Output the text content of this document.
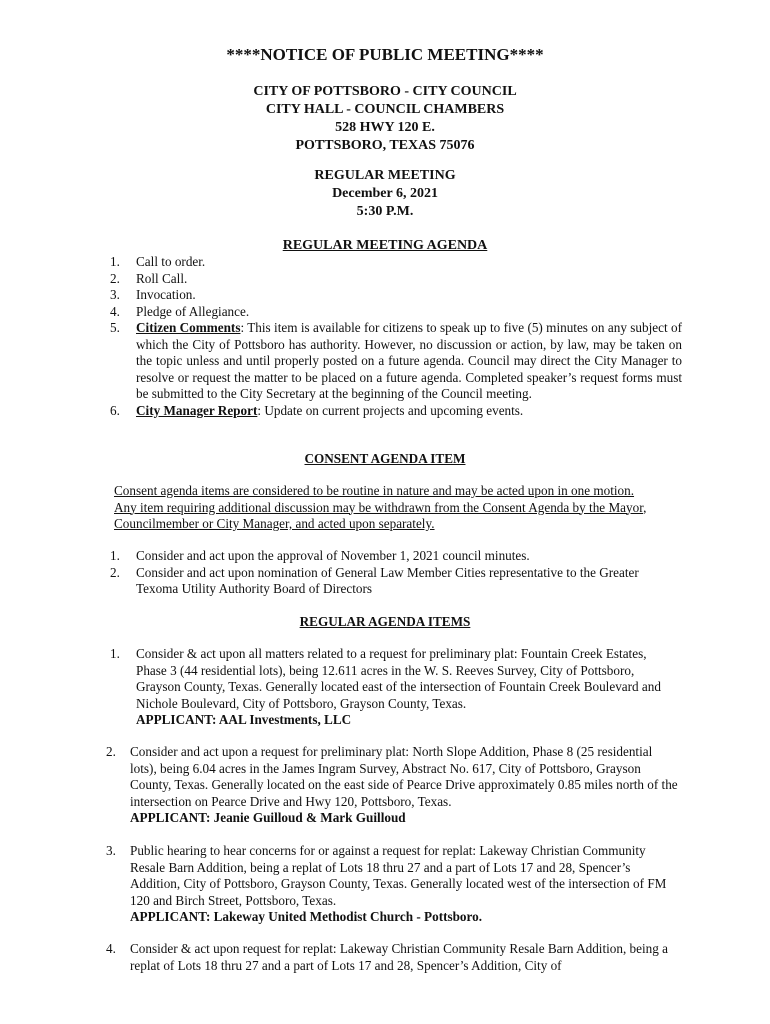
****NOTICE OF PUBLIC MEETING****
CITY OF POTTSBORO - CITY COUNCIL
CITY HALL - COUNCIL CHAMBERS
528 HWY 120 E.
POTTSBORO, TEXAS 75076
REGULAR MEETING
December 6, 2021
5:30 P.M.
REGULAR MEETING AGENDA
1.	Call to order.
2.	Roll Call.
3.	Invocation.
4.	Pledge of Allegiance.
5.	Citizen Comments: This item is available for citizens to speak up to five (5) minutes on any subject of which the City of Pottsboro has authority. However, no discussion or action, by law, may be taken on the topic unless and until properly posted on a future agenda. Council may direct the City Manager to resolve or request the matter to be placed on a future agenda. Completed speaker’s request forms must be submitted to the City Secretary at the beginning of the Council meeting.
6.	City Manager Report: Update on current projects and upcoming events.
CONSENT AGENDA ITEM
Consent agenda items are considered to be routine in nature and may be acted upon in one motion. Any item requiring additional discussion may be withdrawn from the Consent Agenda by the Mayor, Councilmember or City Manager, and acted upon separately.
1.	Consider and act upon the approval of November 1, 2021 council minutes.
2.	Consider and act upon nomination of General Law Member Cities representative to the Greater Texoma Utility Authority Board of Directors
REGULAR AGENDA ITEMS
1.	Consider & act upon all matters related to a request for preliminary plat: Fountain Creek Estates, Phase 3 (44 residential lots), being 12.611 acres in the W. S. Reeves Survey, City of Pottsboro, Grayson County, Texas. Generally located east of the intersection of Fountain Creek Boulevard and Nichole Boulevard, City of Pottsboro, Grayson County, Texas.
APPLICANT: AAL Investments, LLC
2.	Consider and act upon a request for preliminary plat: North Slope Addition, Phase 8 (25 residential lots), being 6.04 acres in the James Ingram Survey, Abstract No. 617, City of Pottsboro, Grayson County, Texas. Generally located on the east side of Pearce Drive approximately 0.85 miles north of the intersection on Pearce Drive and Hwy 120, Pottsboro, Texas.
APPLICANT: Jeanie Guilloud & Mark Guilloud
3.	Public hearing to hear concerns for or against a request for replat: Lakeway Christian Community Resale Barn Addition, being a replat of Lots 18 thru 27 and a part of Lots 17 and 28, Spencer’s Addition, City of Pottsboro, Grayson County, Texas. Generally located west of the intersection of FM 120 and Birch Street, Pottsboro, Texas.
APPLICANT: Lakeway United Methodist Church - Pottsboro.
4.	Consider & act upon request for replat: Lakeway Christian Community Resale Barn Addition, being a replat of Lots 18 thru 27 and a part of Lots 17 and 28, Spencer’s Addition, City of
